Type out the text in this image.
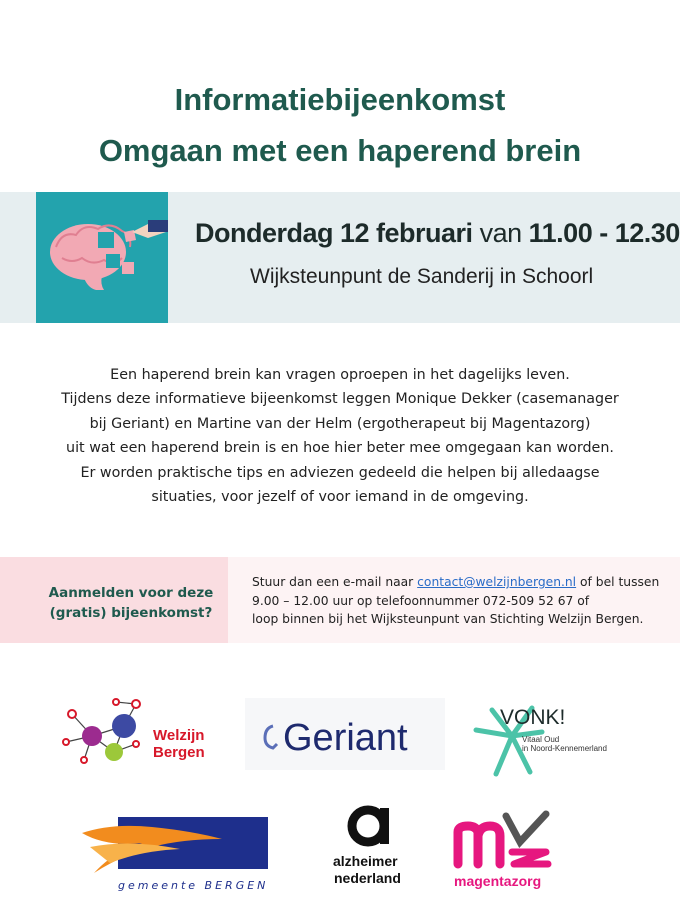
Informatiebijeenkomst
Omgaan met een haperend brein
Donderdag 12 februari van 11.00 - 12.30
Wijksteunpunt de Sanderij in Schoorl
Een haperend brein kan vragen oproepen in het dagelijks leven.
Tijdens deze informatieve bijeenkomst leggen Monique Dekker (casemanager
bij Geriant) en Martine van der Helm (ergotherapeut bij Magentazorg)
uit wat een haperend brein is en hoe hier beter mee omgegaan kan worden.
Er worden praktische tips en adviezen gedeeld die helpen bij alledaagse
situaties, voor jezelf of voor iemand in de omgeving.
Aanmelden voor deze
(gratis) bijeenkomst?
Stuur dan een e-mail naar contact@welzijnbergen.nl of bel tussen
9.00 – 12.00 uur op telefoonnummer 072-509 52 67 of
loop binnen bij het Wijksteunpunt van Stichting Welzijn Bergen.
Welzijn
Bergen Geriant	VONK!
Vitaal Oud
in Noord-Kennemerland
gemeente BERGEN
alzheimer
nederland	magentazorg
